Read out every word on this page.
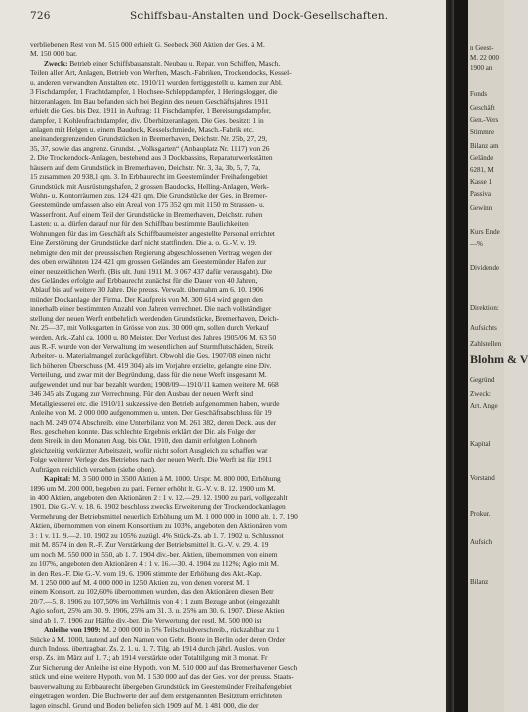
726	Schiffsbau-Anstalten und Dock-Gesellschaften.
verbliebenen Rest von M. 515 000 erhielt G. Seebeck 360 Aktien der Ges. à M.
M. 150 000 bar.
Zweck: Betrieb einer Schiffsbauanstalt. Neubau u. Repar. von Schiffen, Masch.
Teilen aller Art, Anlagen, Betrieb von Werften, Masch.-Fabriken, Trockendocks, Kessel-
u. anderen verwandten Anstalten etc. 1910/11 wurden fertiggestellt u. kamen zur Abl.
3 Fischdampfer, 1 Frachtdampfer, 1 Hochsee-Schleppdampfer, 1 Heringslogger, die
hitzeranlagen. Im Bau befanden sich bei Beginn des neuen Geschäftsjahres 1911
erhielt die Ges. bis Dez. 1911 in Auftrag: 11 Fischdampfer, 1 Bereisungsdampfer,
dampfer, 1 Kohleufrachtdampfer, div. Überhitzeranlagen. Die Ges. besitzt: 1 in
anlagen mit Helgen u. einem Baudock, Kesselschmiede, Masch.-Fabrik etc.
aneinandergrenzenden Grundstücken in Bremerhaven, Deichstr. Nr. 25b, 27, 29,
35, 37, sowie das angrenz. Grundst. „Volksgarten“ (Anbauplatz Nr. 1117) von 26
2. Die Trockendock-Anlagen, bestehend aus 3 Dockbassins, Reparaturwerkstätten
häusern auf dem Grundstück in Bremerhaven, Deichstr. Nr. 3, 3a, 3b, 5, 7, 7a,
15 zusammen 20 938,1 qm. 3. In Erbbaurecht im Geestemünder Freihafengebiet
Grundstück mit Ausrüstungshafen, 2 grossen Baudocks, Helling-Anlagen, Werk-
Wohn- u. Kontorräumen zus. 124 421 qm. Die Grundstücke der Ges. in Bremer-
Geestemünde umfassen also ein Areal von 175 352 qm mit 1150 m Strassen- u.
Wasserfront. Auf einem Teil der Grundstücke in Bremerhaven, Deichstr. ruhen
Lasten: u. a. dürfen darauf nur für den Schiffbau bestimmte Baulichkeiten
Wohnungen für das im Geschäft als Schiffbaumeister angestellte Personal errichtet
Eine Zerstörung der Grundstücke darf nicht stattfinden. Die a. o. G.-V. v. 19.
nehmigte den mit der preussischen Regierung abgeschlossenen Vertrag wegen der
des oben erwähnten 124 421 qm grossen Geländes am Geestemünder Hafen zur
einer neuzeitlichen Werft. (Bis ult. Juni 1911 M. 3 067 437 dafür verausgabt). Die
des Geländes erfolgte auf Erbbaurecht zunächst für die Dauer von 40 Jahren,
Ablauf bis auf weitere 30 Jahre. Die preuss. Verwalt. übernahm am 6. 10. 1906
münder Dockanlage der Firma. Der Kaufpreis von M. 300 614 wird gegen den
innerhalb einer bestimmten Anzahl von Jahren verrechnet. Die nach vollständiger
stellung der neuen Werft entbehrlich werdenden Grundstücke, Bremerhaven, Deich-
Nr. 25—37, mit Volksgarten in Grösse von zus. 30 000 qm, sollen durch Verkauf
werden. Ark.-Zahl ca. 1000 u. 80 Meister. Der Verlust des Jahres 1905/06 M. 63 50
aus R.-F. wurde von der Verwaltung im wesentlichen auf Sturmflutschäden, Streik
Arbeiter- u. Materialmangel zurückgeführt. Obwohl die Ges. 1907/08 einen nicht
lich höheren Überschuss (M. 419 304) als im Vorjahre erzielte, gelangte eine Div.
Verteilung, und zwar mit der Begründung, dass für die neue Werft insgesamt M.
aufgewendet und nur bar bezahlt wurden; 1908/09—1910/11 kamen weitere M. 668
346 345 als Zugang zur Verrechnung. Für den Ausbau der neuen Werft sind
Metallgiesserei etc. die 1910/11 sukzessive den Betrieb aufgenommen haben, wurde
Anleihe von M. 2 000 000 aufgenommen u. unten. Der Geschäftsabschluss für 19
nach M. 249 074 Abschreib. eine Unterbilanz von M. 261 382, deren Deck. aus der
Res. geschehen konnte. Das schlechte Ergebnis erklärt der Dir. als Folge der
dem Streik in den Monaten Aug. bis Okt. 1910, den damit erfolgten Lohnerh
gleichzeitig verkürzter Arbeitszeit, wofür nicht sofort Ausgleich zu schaffen war
Folge weiterer Verlege des Betriebes nach der neuen Werft. Die Werft ist für 1911
Aufträgen reichlich versehen (siehe oben).
Kapital: M. 3 500 000 in 3500 Aktien à M. 1000. Urspr. M. 800 000, Erhöhung
1896 um M. 200 000, begeben zu pari. Ferner erhöht lt. G.-V. v. 8. 12. 1900 um M.
in 400 Aktien, angeboten den Aktionären 2 : 1 v. 12.—29. 12. 1900 zu pari, vollgezahlt
1901. Die G.-V. v. 18. 6. 1902 beschloss zwecks Erweiterung der Trockendockanlagen
Vermehrung der Betriebsmittel neuerlich Erhöhung um M. 1 000 000 in 1000 alt. 1. 7. 190
Aktien, übernommen von einem Konsortium zu 103%, angeboten den Aktionären vom
3 : 1 v. 11. 9.—2. 10. 1902 zu 105% zuzügl. 4% Stück-Zs. ab 1. 7. 1902 u. Schlussnot
mit M. 8574 in den R.-F. Zur Verstärkung der Betriebsmittel lt. G.-V. v. 29. 4. 19
um noch M. 550 000 in 550, ab 1. 7. 1904 div.-ber. Aktien, übernommen von einem
zu 107%, angeboten den Aktionären 4 : 1 v. 16.—30. 4. 1904 zu 112%; Agio mit M.
in den Res.-F. Die G.-V. vom 19. 6. 1906 stimmte der Erhöhung des Akt.-Kap.
M. 1 250 000 auf M. 4 000 000 in 1250 Aktien zu, von denen vorerst M. 1
einem Konsort. zu 102,60% übernommen wurden, das den Aktionären diesen Betr
20/7.—5. 8. 1906 zu 107,50% im Verhältnis von 4 : 1 zum Bezuge anbot (eingezahlt
Agio sofort, 25% am 30. 9. 1906, 25% am 31. 3. u. 25% am 30. 6. 1907. Diese Aktien
sind ab 1. 7. 1906 zur Hälfte div.-ber. Die Verwertung der restl. M. 500 000 ist
Anleihe von 1909: M. 2 000 000 in 5% Teilschuldverschreib., rückzahlbar zu 1
Stücke à M. 1000, lautend auf den Namen von Gebr. Bonte in Berlin oder deren Order
durch Indoss. übertragbar. Zs. 2. 1. u. 1. 7. Tilg. ab 1914 durch jährl. Auslos. von
ersp. Zs. im März auf 1. 7.; ab 1914 verstärkte oder Totaltilgung mit 3 monat. Fr
Zur Sicherung der Anleihe ist eine Hypoth. von M. 510 000 auf das Bremerhavener Gesch
stück und eine weitere Hypoth. von M. 1 530 000 auf das der Ges. vor der preuss. Staats-
bauverwaltung zu Erbbaurecht übergeben Grundstück im Geestemünder Freihafengebiet
eingetragen worden. Die Buchwerte der auf dem erstgenannten Besitztum errichteten
lagen einschl. Grund und Boden beliefen sich 1909 auf M. 1 481 000, die der
n Geest-
M. 22 000
1900 an
Fonds
Geschäft
Gen.-Vers
Stimmre
Bilanz am
Gelände
6281, M
Kasse 1
Passiva
Gewinn
Kurs Ende
—%
Dividende
Direktion:
Aufsichts
Zahlstellen
Blohm & V
Gegründ
Zweck:
Art. Ange
Kapital
Vorstand
Prokur.
Aufsich
Bilanz
